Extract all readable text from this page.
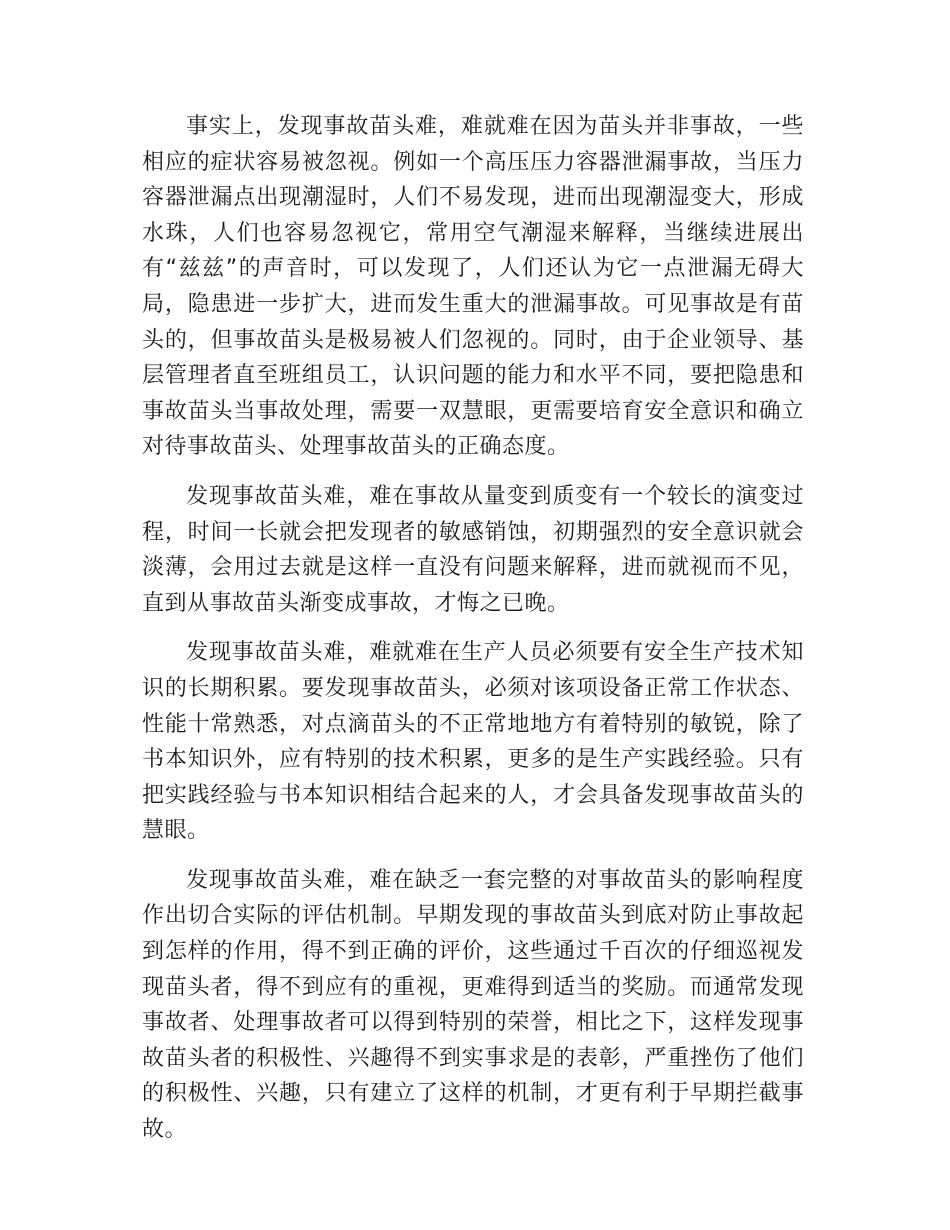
事实上，发现事故苗头难，难就难在因为苗头并非事故，一些相应的症状容易被忽视。例如一个高压压力容器泄漏事故，当压力容器泄漏点出现潮湿时，人们不易发现，进而出现潮湿变大，形成水珠，人们也容易忽视它，常用空气潮湿来解释，当继续进展出有“兹兹”的声音时，可以发现了，人们还认为它一点泄漏无碍大局，隐患进一步扩大，进而发生重大的泄漏事故。可见事故是有苗头的，但事故苗头是极易被人们忽视的。同时，由于企业领导、基层管理者直至班组员工，认识问题的能力和水平不同，要把隐患和事故苗头当事故处理，需要一双慧眼，更需要培育安全意识和确立对待事故苗头、处理事故苗头的正确态度。

发现事故苗头难，难在事故从量变到质变有一个较长的演变过程，时间一长就会把发现者的敏感销蚀，初期强烈的安全意识就会淡薄，会用过去就是这样一直没有问题来解释，进而就视而不见，直到从事故苗头渐变成事故，才悔之已晚。

发现事故苗头难，难就难在生产人员必须要有安全生产技术知识的长期积累。要发现事故苗头，必须对该项设备正常工作状态、性能十常熟悉，对点滴苗头的不正常地地方有着特别的敏锐，除了书本知识外，应有特别的技术积累，更多的是生产实践经验。只有把实践经验与书本知识相结合起来的人，才会具备发现事故苗头的慧眼。

发现事故苗头难，难在缺乏一套完整的对事故苗头的影响程度作出切合实际的评估机制。早期发现的事故苗头到底对防止事故起到怎样的作用，得不到正确的评价，这些通过千百次的仔细巡视发现苗头者，得不到应有的重视，更难得到适当的奖励。而通常发现事故者、处理事故者可以得到特别的荣誉，相比之下，这样发现事故苗头者的积极性、兴趣得不到实事求是的表彰，严重挫伤了他们的积极性、兴趣，只有建立了这样的机制，才更有利于早期拦截事故。
